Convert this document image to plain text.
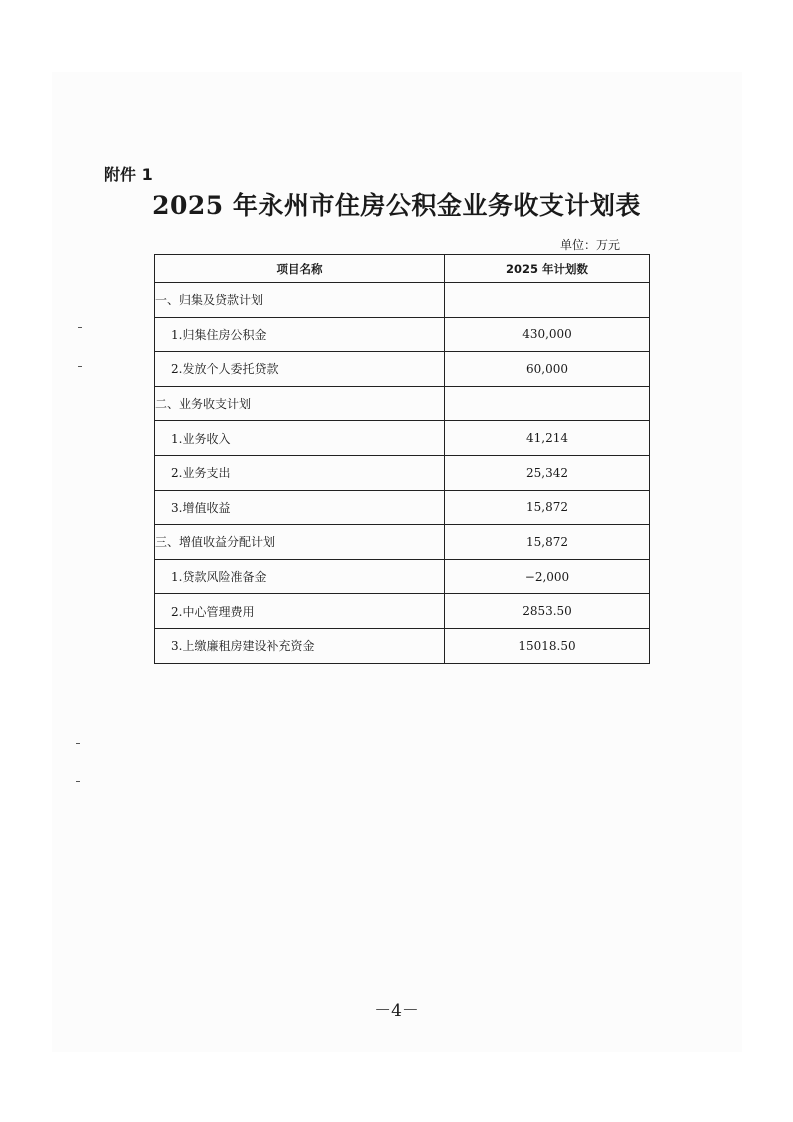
附件 1
2025 年永州市住房公积金业务收支计划表
单位：万元
项目名称	2025 年计划数
一、归集及贷款计划	
1.归集住房公积金	430,000
2.发放个人委托贷款	60,000
二、业务收支计划	
1.业务收入	41,214
2.业务支出	25,342
3.增值收益	15,872
三、增值收益分配计划	15,872
1.贷款风险准备金	−2,000
2.中心管理费用	2853.50
3.上缴廉租房建设补充资金	15018.50
－4－
